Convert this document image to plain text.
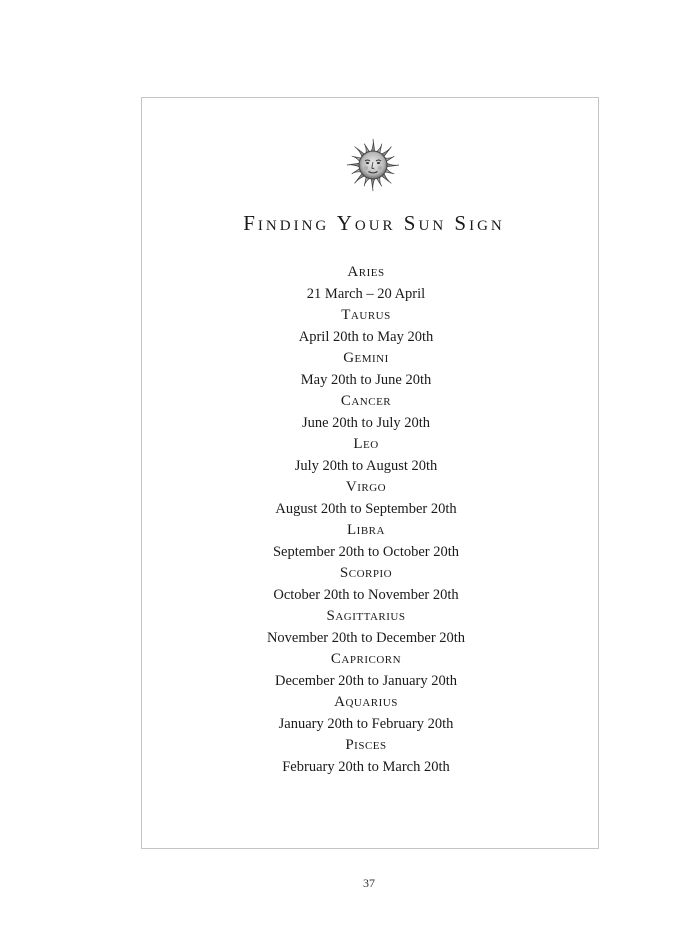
Finding Your Sun Sign
Aries
21 March – 20 April
Taurus
April 20th to May 20th
Gemini
May 20th to June 20th
Cancer
June 20th to July 20th
Leo
July 20th to August 20th
Virgo
August 20th to September 20th
Libra
September 20th to October 20th
Scorpio
October 20th to November 20th
Sagittarius
November 20th to December 20th
Capricorn
December 20th to January 20th
Aquarius
January 20th to February 20th
Pisces
February 20th to March 20th
37
